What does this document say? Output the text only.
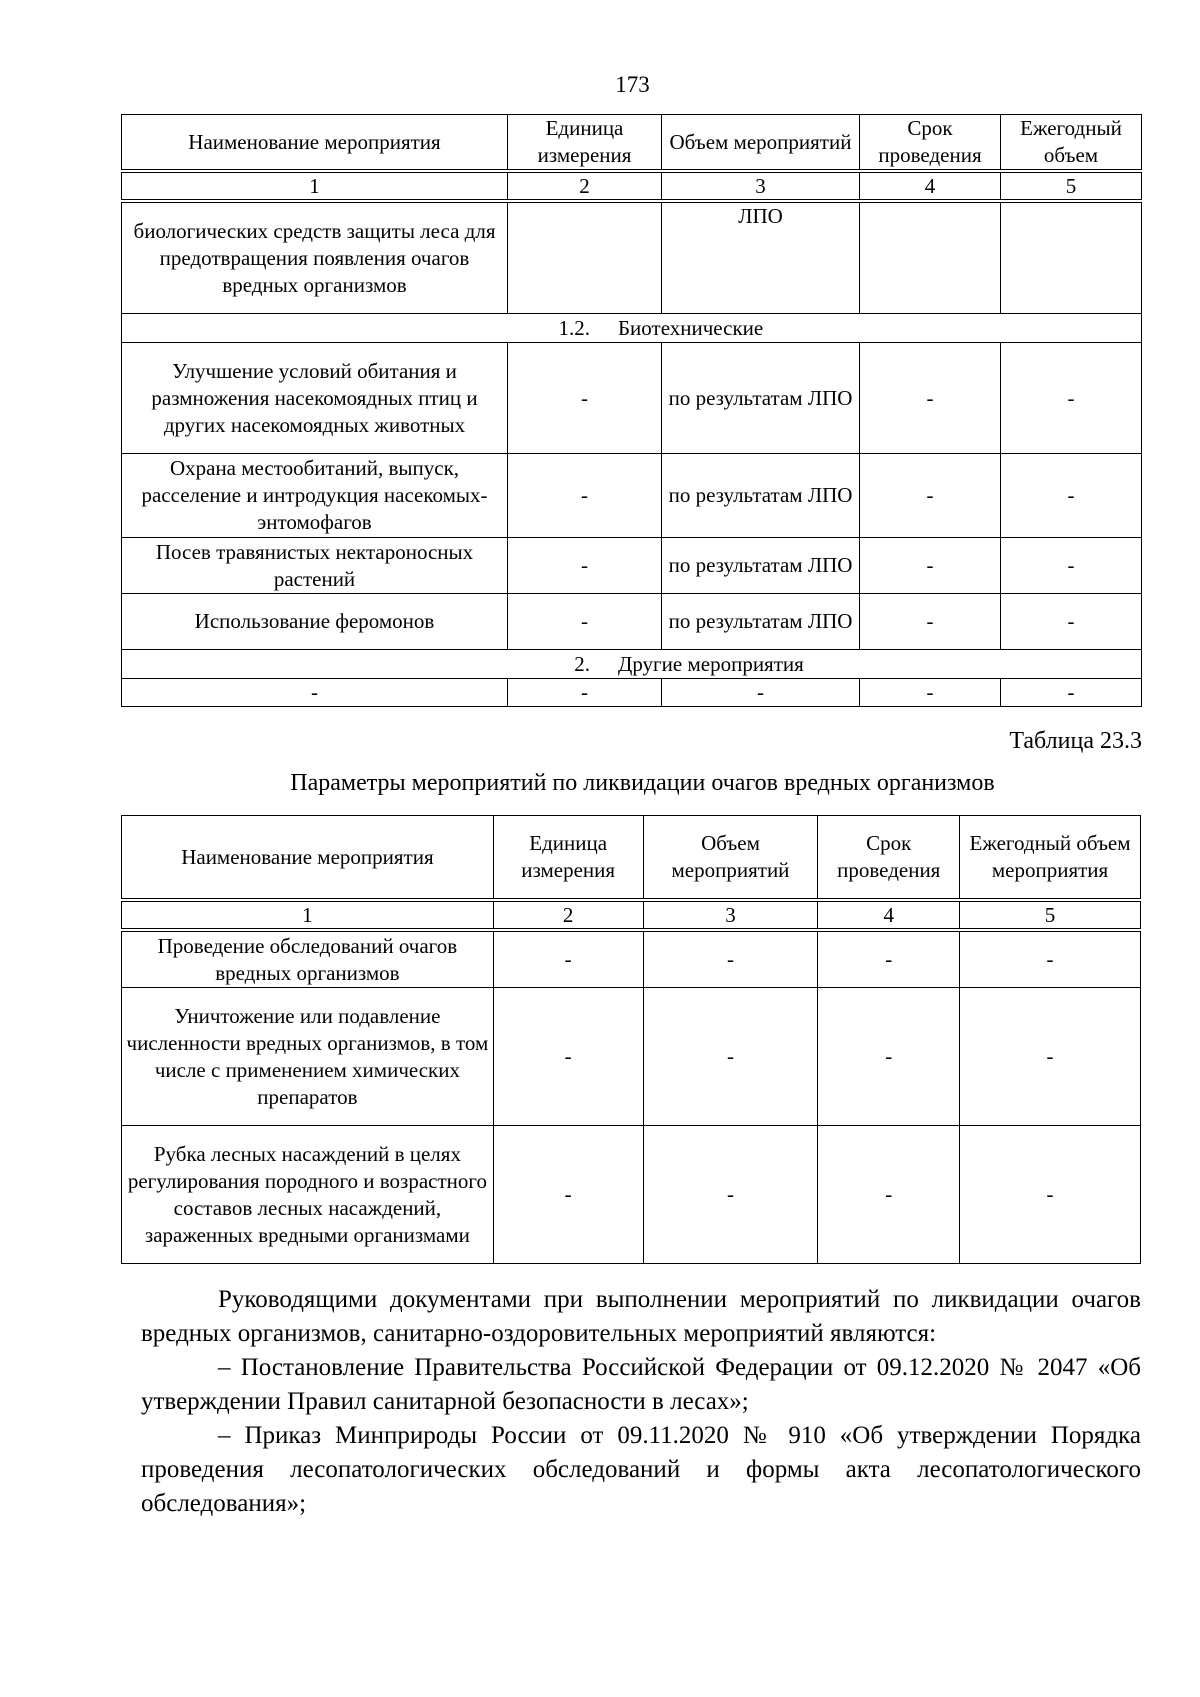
173
Наименование мероприятия	Единица измерения	Объем мероприятий	Срок проведения	Ежегодный объем
1	2	3	4	5
биологических средств защиты леса для предотвращения появления очагов вредных организмов		ЛПО		
1.2. Биотехнические				
Улучшение условий обитания и размножения насекомоядных птиц и других насекомоядных животных	-	по результатам ЛПО	-	-
Охрана местообитаний, выпуск, расселение и интродукция насекомых-энтомофагов	-	по результатам ЛПО	-	-
Посев травянистых нектароносных растений	-	по результатам ЛПО	-	-
Использование феромонов	-	по результатам ЛПО	-	-
2. Другие мероприятия				
-	-	-	-	-
Таблица 23.3
Параметры мероприятий по ликвидации очагов вредных организмов
Наименование мероприятия	Единица измерения	Объем мероприятий	Срок проведения	Ежегодный объем мероприятия
1	2	3	4	5
Проведение обследований очагов вредных организмов	-	-	-	-
Уничтожение или подавление численности вредных организмов, в том числе с применением химических препаратов	-	-	-	-
Рубка лесных насаждений в целях регулирования породного и возрастного составов лесных насаждений, зараженных вредными организмами	-	-	-	-
Руководящими документами при выполнении мероприятий по ликвидации очагов вредных организмов, санитарно-оздоровительных мероприятий являются:
– Постановление Правительства Российской Федерации от 09.12.2020 № 2047 «Об утверждении Правил санитарной безопасности в лесах»;
– Приказ Минприроды России от 09.11.2020 № 910 «Об утверждении Порядка проведения лесопатологических обследований и формы акта лесопатологического обследования»;
